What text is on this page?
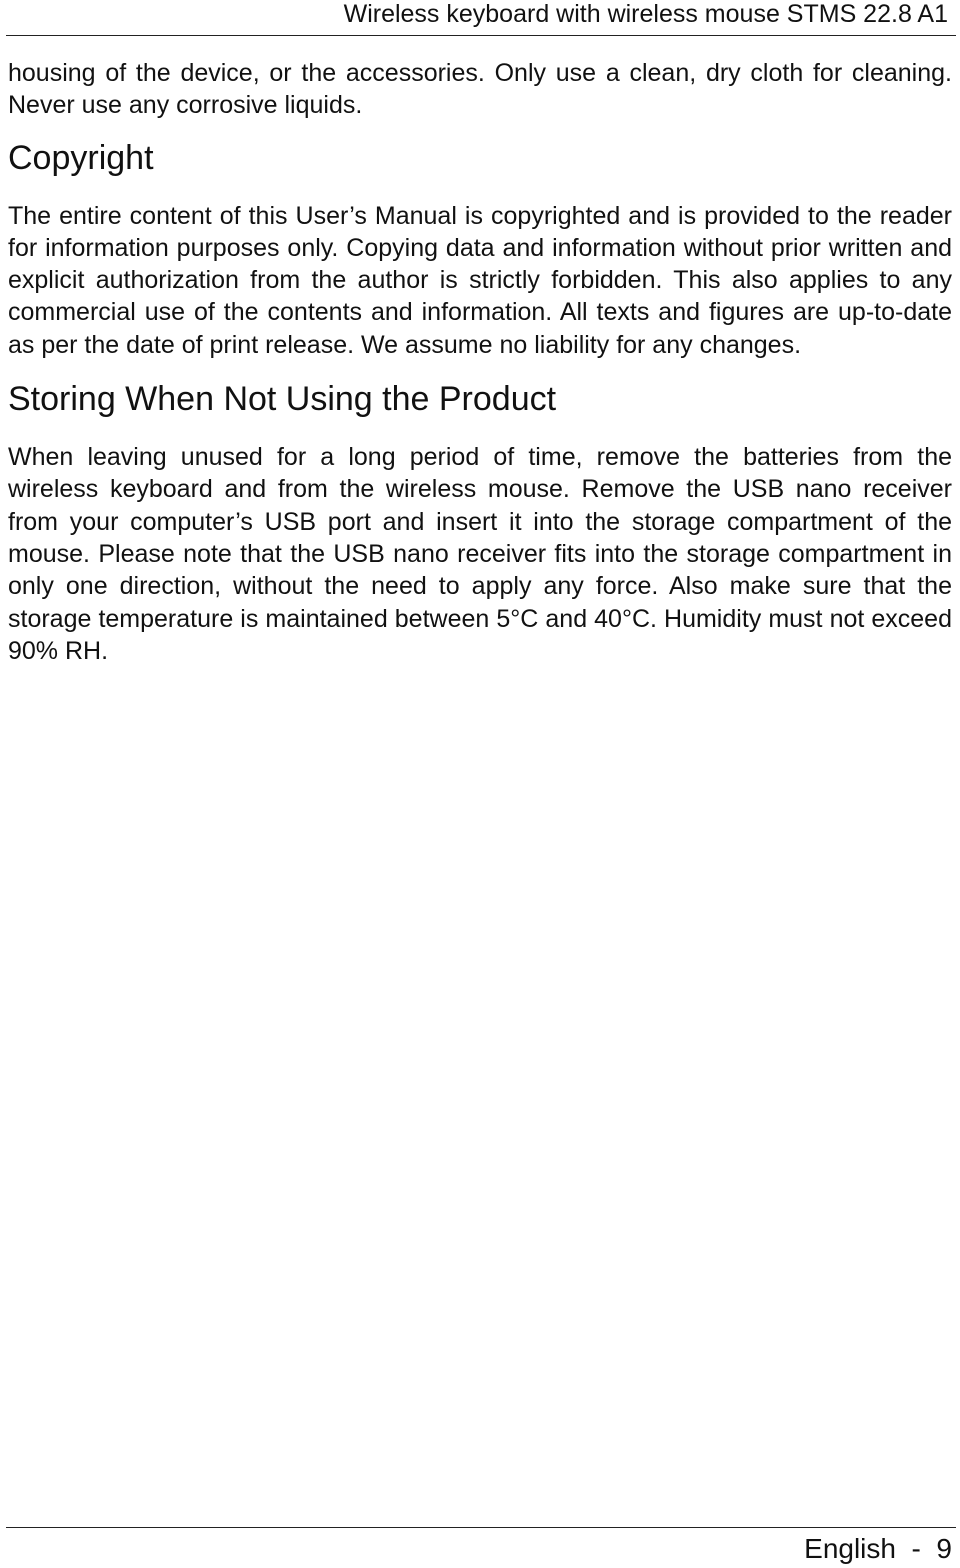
Wireless keyboard with wireless mouse STMS 22.8 A1

housing of the device, or the accessories. Only use a clean, dry cloth for cleaning. Never use any corrosive liquids.

Copyright

The entire content of this User’s Manual is copyrighted and is provided to the reader for information purposes only. Copying data and information without prior written and explicit authorization from the author is strictly forbidden. This also applies to any commercial use of the contents and information. All texts and figures are up-to-date as per the date of print release. We assume no liability for any changes.

Storing When Not Using the Product

When leaving unused for a long period of time, remove the batteries from the wireless keyboard and from the wireless mouse. Remove the USB nano receiver from your computer’s USB port and insert it into the storage compartment of the mouse. Please note that the USB nano receiver fits into the storage compartment in only one direction, without the need to apply any force. Also make sure that the storage temperature is maintained between 5°C and 40°C. Humidity must not exceed 90% RH.

English  -  9
